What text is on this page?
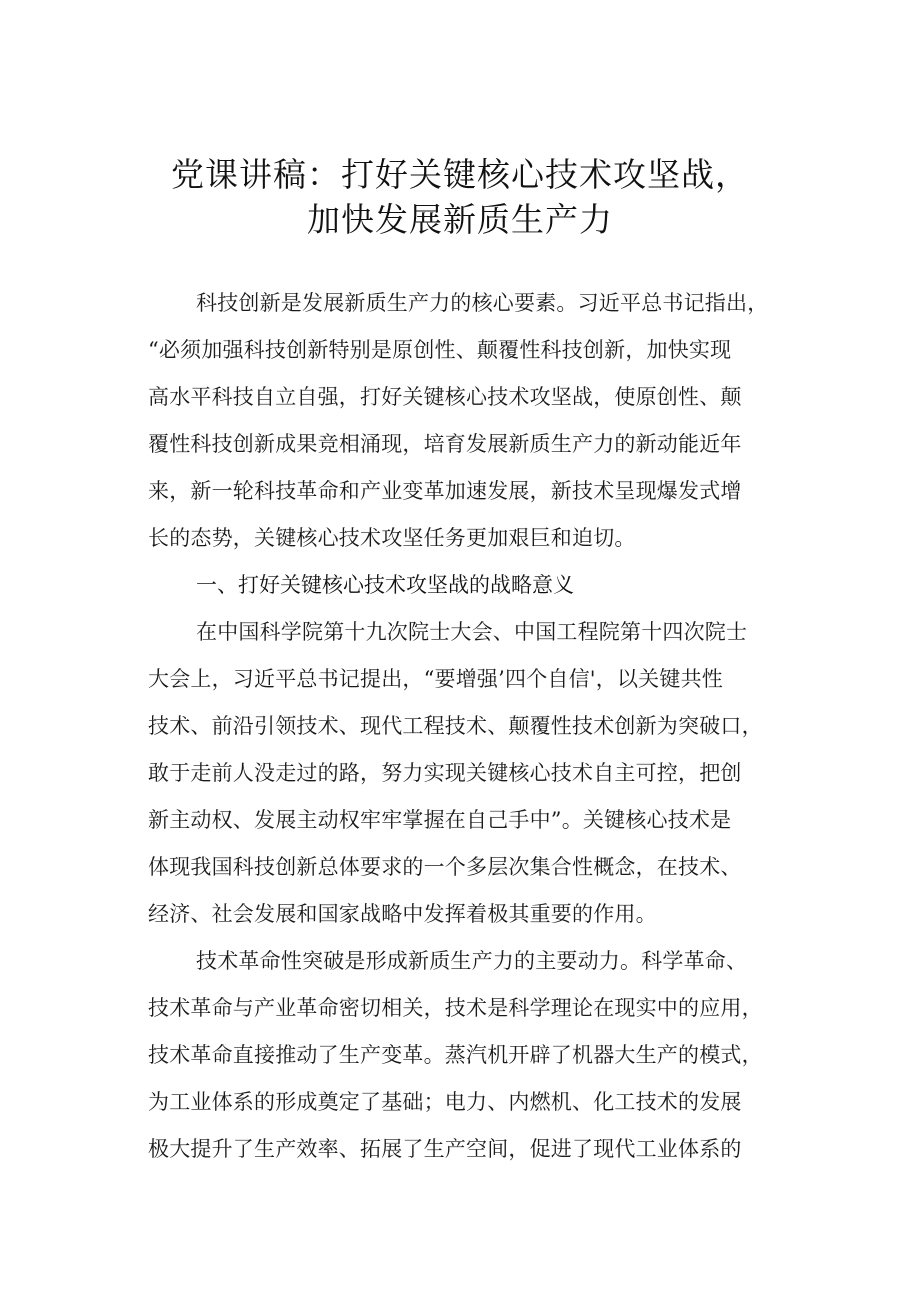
党课讲稿：打好关键核心技术攻坚战，
加快发展新质生产力
科技创新是发展新质生产力的核心要素。习近平总书记指出，
“必须加强科技创新特别是原创性、颠覆性科技创新，加快实现
高水平科技自立自强，打好关键核心技术攻坚战，使原创性、颠
覆性科技创新成果竞相涌现，培育发展新质生产力的新动能近年
来，新一轮科技革命和产业变革加速发展，新技术呈现爆发式增
长的态势，关键核心技术攻坚任务更加艰巨和迫切。
一、打好关键核心技术攻坚战的战略意义
在中国科学院第十九次院士大会、中国工程院第十四次院士
大会上，习近平总书记提出，“要增强’四个自信'，以关键共性
技术、前沿引领技术、现代工程技术、颠覆性技术创新为突破口，
敢于走前人没走过的路，努力实现关键核心技术自主可控，把创
新主动权、发展主动权牢牢掌握在自己手中”。关键核心技术是
体现我国科技创新总体要求的一个多层次集合性概念，在技术、
经济、社会发展和国家战略中发挥着极其重要的作用。
技术革命性突破是形成新质生产力的主要动力。科学革命、
技术革命与产业革命密切相关，技术是科学理论在现实中的应用，
技术革命直接推动了生产变革。蒸汽机开辟了机器大生产的模式，
为工业体系的形成奠定了基础；电力、内燃机、化工技术的发展
极大提升了生产效率、拓展了生产空间，促进了现代工业体系的
